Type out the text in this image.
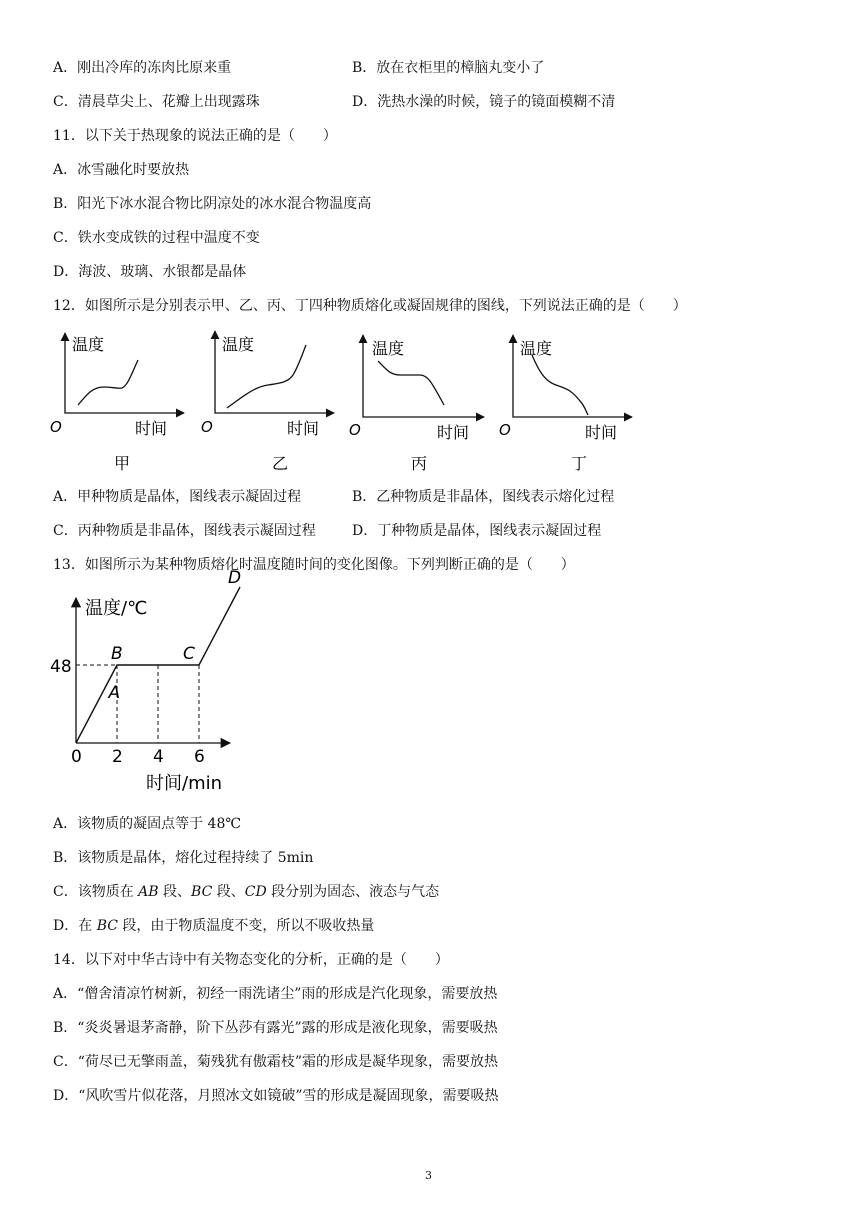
A．刚出冷库的冻肉比原来重	B．放在衣柜里的樟脑丸变小了
C．清晨草尖上、花瓣上出现露珠	D．洗热水澡的时候，镜子的镜面模糊不清
11．以下关于热现象的说法正确的是（　　）
A．冰雪融化时要放热
B．阳光下冰水混合物比阴凉处的冰水混合物温度高
C．铁水变成铁的过程中温度不变
D．海波、玻璃、水银都是晶体
12．如图所示是分别表示甲、乙、丙、丁四种物质熔化或凝固规律的图线，下列说法正确的是（　　）
温度
时间
O
甲
温度
时间
O
乙
温度
时间
O
丙
温度
时间
O
丁
A．甲种物质是晶体，图线表示凝固过程	B．乙种物质是非晶体，图线表示熔化过程
C．丙种物质是非晶体，图线表示凝固过程	D．丁种物质是晶体，图线表示凝固过程
13．如图所示为某种物质熔化时温度随时间的变化图像。下列判断正确的是（　　）
温度/℃
时间/min
0 2 4 6
48
A
B	C
D
A．该物质的凝固点等于 48℃
B．该物质是晶体，熔化过程持续了 5min
C．该物质在 AB 段、BC 段、CD 段分别为固态、液态与气态
D．在 BC 段，由于物质温度不变，所以不吸收热量
14．以下对中华古诗中有关物态变化的分析，正确的是（　　）
A．“僧舍清凉竹树新，初经一雨洗诸尘”雨的形成是汽化现象，需要放热
B．“炎炎暑退茅斋静，阶下丛莎有露光”露的形成是液化现象，需要吸热
C．“荷尽已无擎雨盖，菊残犹有傲霜枝”霜的形成是凝华现象，需要放热
D．“风吹雪片似花落，月照冰文如镜破”雪的形成是凝固现象，需要吸热
3
